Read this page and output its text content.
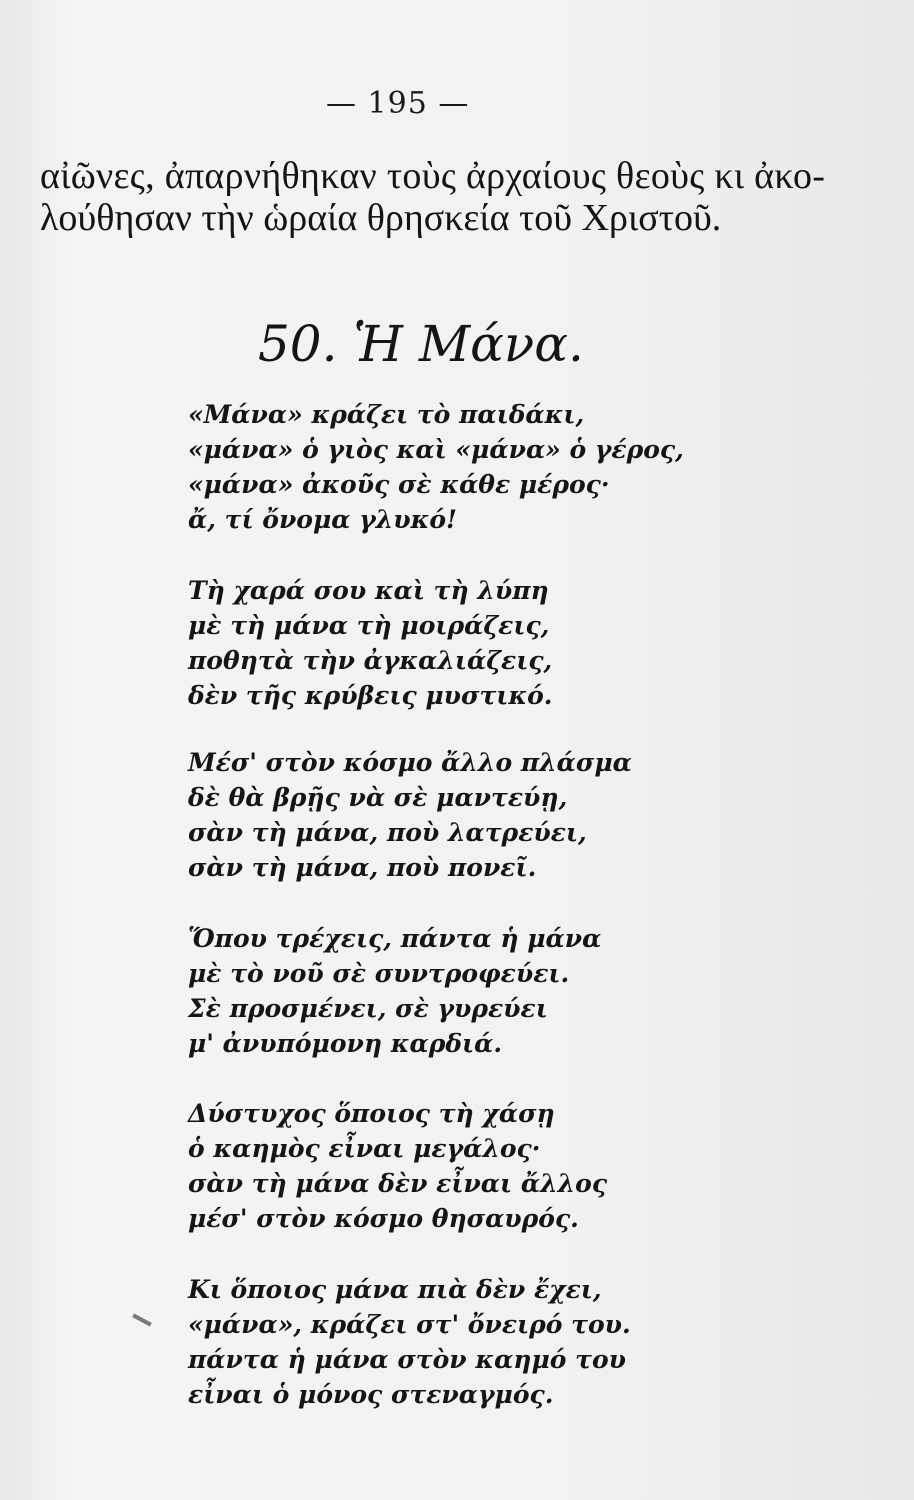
— 195 —
αἰῶνες, ἀπαρνήθηκαν τοὺς ἀρχαίους θεοὺς κι ἀκο-
λούθησαν τὴν ὡραία θρησκεία τοῦ Χριστοῦ.
50. Ἡ Μάνα.
«Μάνα» κράζει τὸ παιδάκι,
«μάνα» ὁ γιὸς καὶ «μάνα» ὁ γέρος,
«μάνα» ἀκοῦς σὲ κάθε μέρος·
ἄ, τί ὄνομα γλυκό!
Τὴ χαρά σου καὶ τὴ λύπη
μὲ τὴ μάνα τὴ μοιράζεις,
ποθητὰ τὴν ἀγκαλιάζεις,
δὲν τῆς κρύβεις μυστικό.
Μέσ' στὸν κόσμο ἄλλο πλάσμα
δὲ θὰ βρῇς νὰ σὲ μαντεύῃ,
σὰν τὴ μάνα, ποὺ λατρεύει,
σὰν τὴ μάνα, ποὺ πονεῖ.
Ὅπου τρέχεις, πάντα ἡ μάνα
μὲ τὸ νοῦ σὲ συντροφεύει.
Σὲ προσμένει, σὲ γυρεύει
μ' ἀνυπόμονη καρδιά.
Δύστυχος ὅποιος τὴ χάσῃ
ὁ καημὸς εἶναι μεγάλος·
σὰν τὴ μάνα δὲν εἶναι ἄλλος
μέσ' στὸν κόσμο θησαυρός.
Κι ὅποιος μάνα πιὰ δὲν ἔχει,
«μάνα», κράζει στ' ὄνειρό του.
πάντα ἡ μάνα στὸν καημό του
εἶναι ὁ μόνος στεναγμός.
